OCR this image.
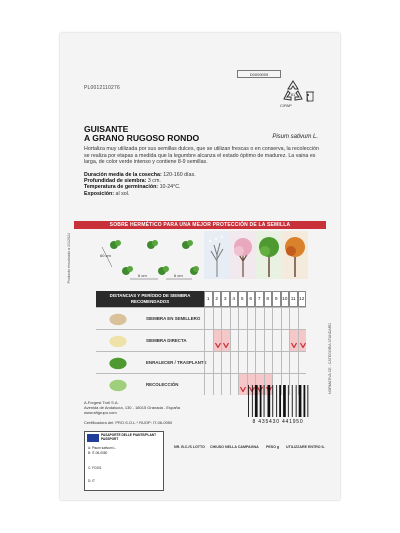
PL0012110276
D0009009
81
C/PAP
GUISANTE
A GRANO RUGOSO RONDO	Pisum sativum L.
Hortaliza muy utilizada por sus semillas dulces, que se utilizan frescas o en conserva, la recolección se realiza por etapas a medida que la legumbre alcanza el estado óptimo de madurez. La vaina es larga, de color verde intenso y contiene 8-9 semillas.
Duración media de la cosecha: 120-160 días.
Profundidad de siembra: 3 cm.
Temperatura de germinación: 10-24°C.
Exposición: al sol.
Producto ensobrado a 1/1/2024
NORMATIVA CE - CATEGORIA STANDARD
SOBRE HERMÉTICO PARA UNA MEJOR PROTECCIÓN DE LA SEMILLA
60 cm
6 cm	6 cm
DISTANCIAS Y PERÍODO DE SIEMBRA RECOMENDADOS	1	2	3	4	5	6	7	8	9 10 11 12
SIEMBRA EN SEMILLERO
SIEMBRA DIRECTA
ENRALECER / TRASPLANTE
RECOLECCIÓN
A.Forgest Troll S.A.
Avenida de Andalucía, 130 - 18015 Granada - España
www.sftgrupo.com
Certificadora del: PRO.S.O.L.* RUOP: IT-06-0050	8 435430 441950
PASAPORTE DELLE PIANTE/PLANT PASSPORT
A: Pisum sativum L.
B: IT-06-0050
C: FC001
D: IT
NR. B.C./S LOTTO CHIUSO NELLA CAMPAGNA PESO g UTILIZZARE ENTRO IL
